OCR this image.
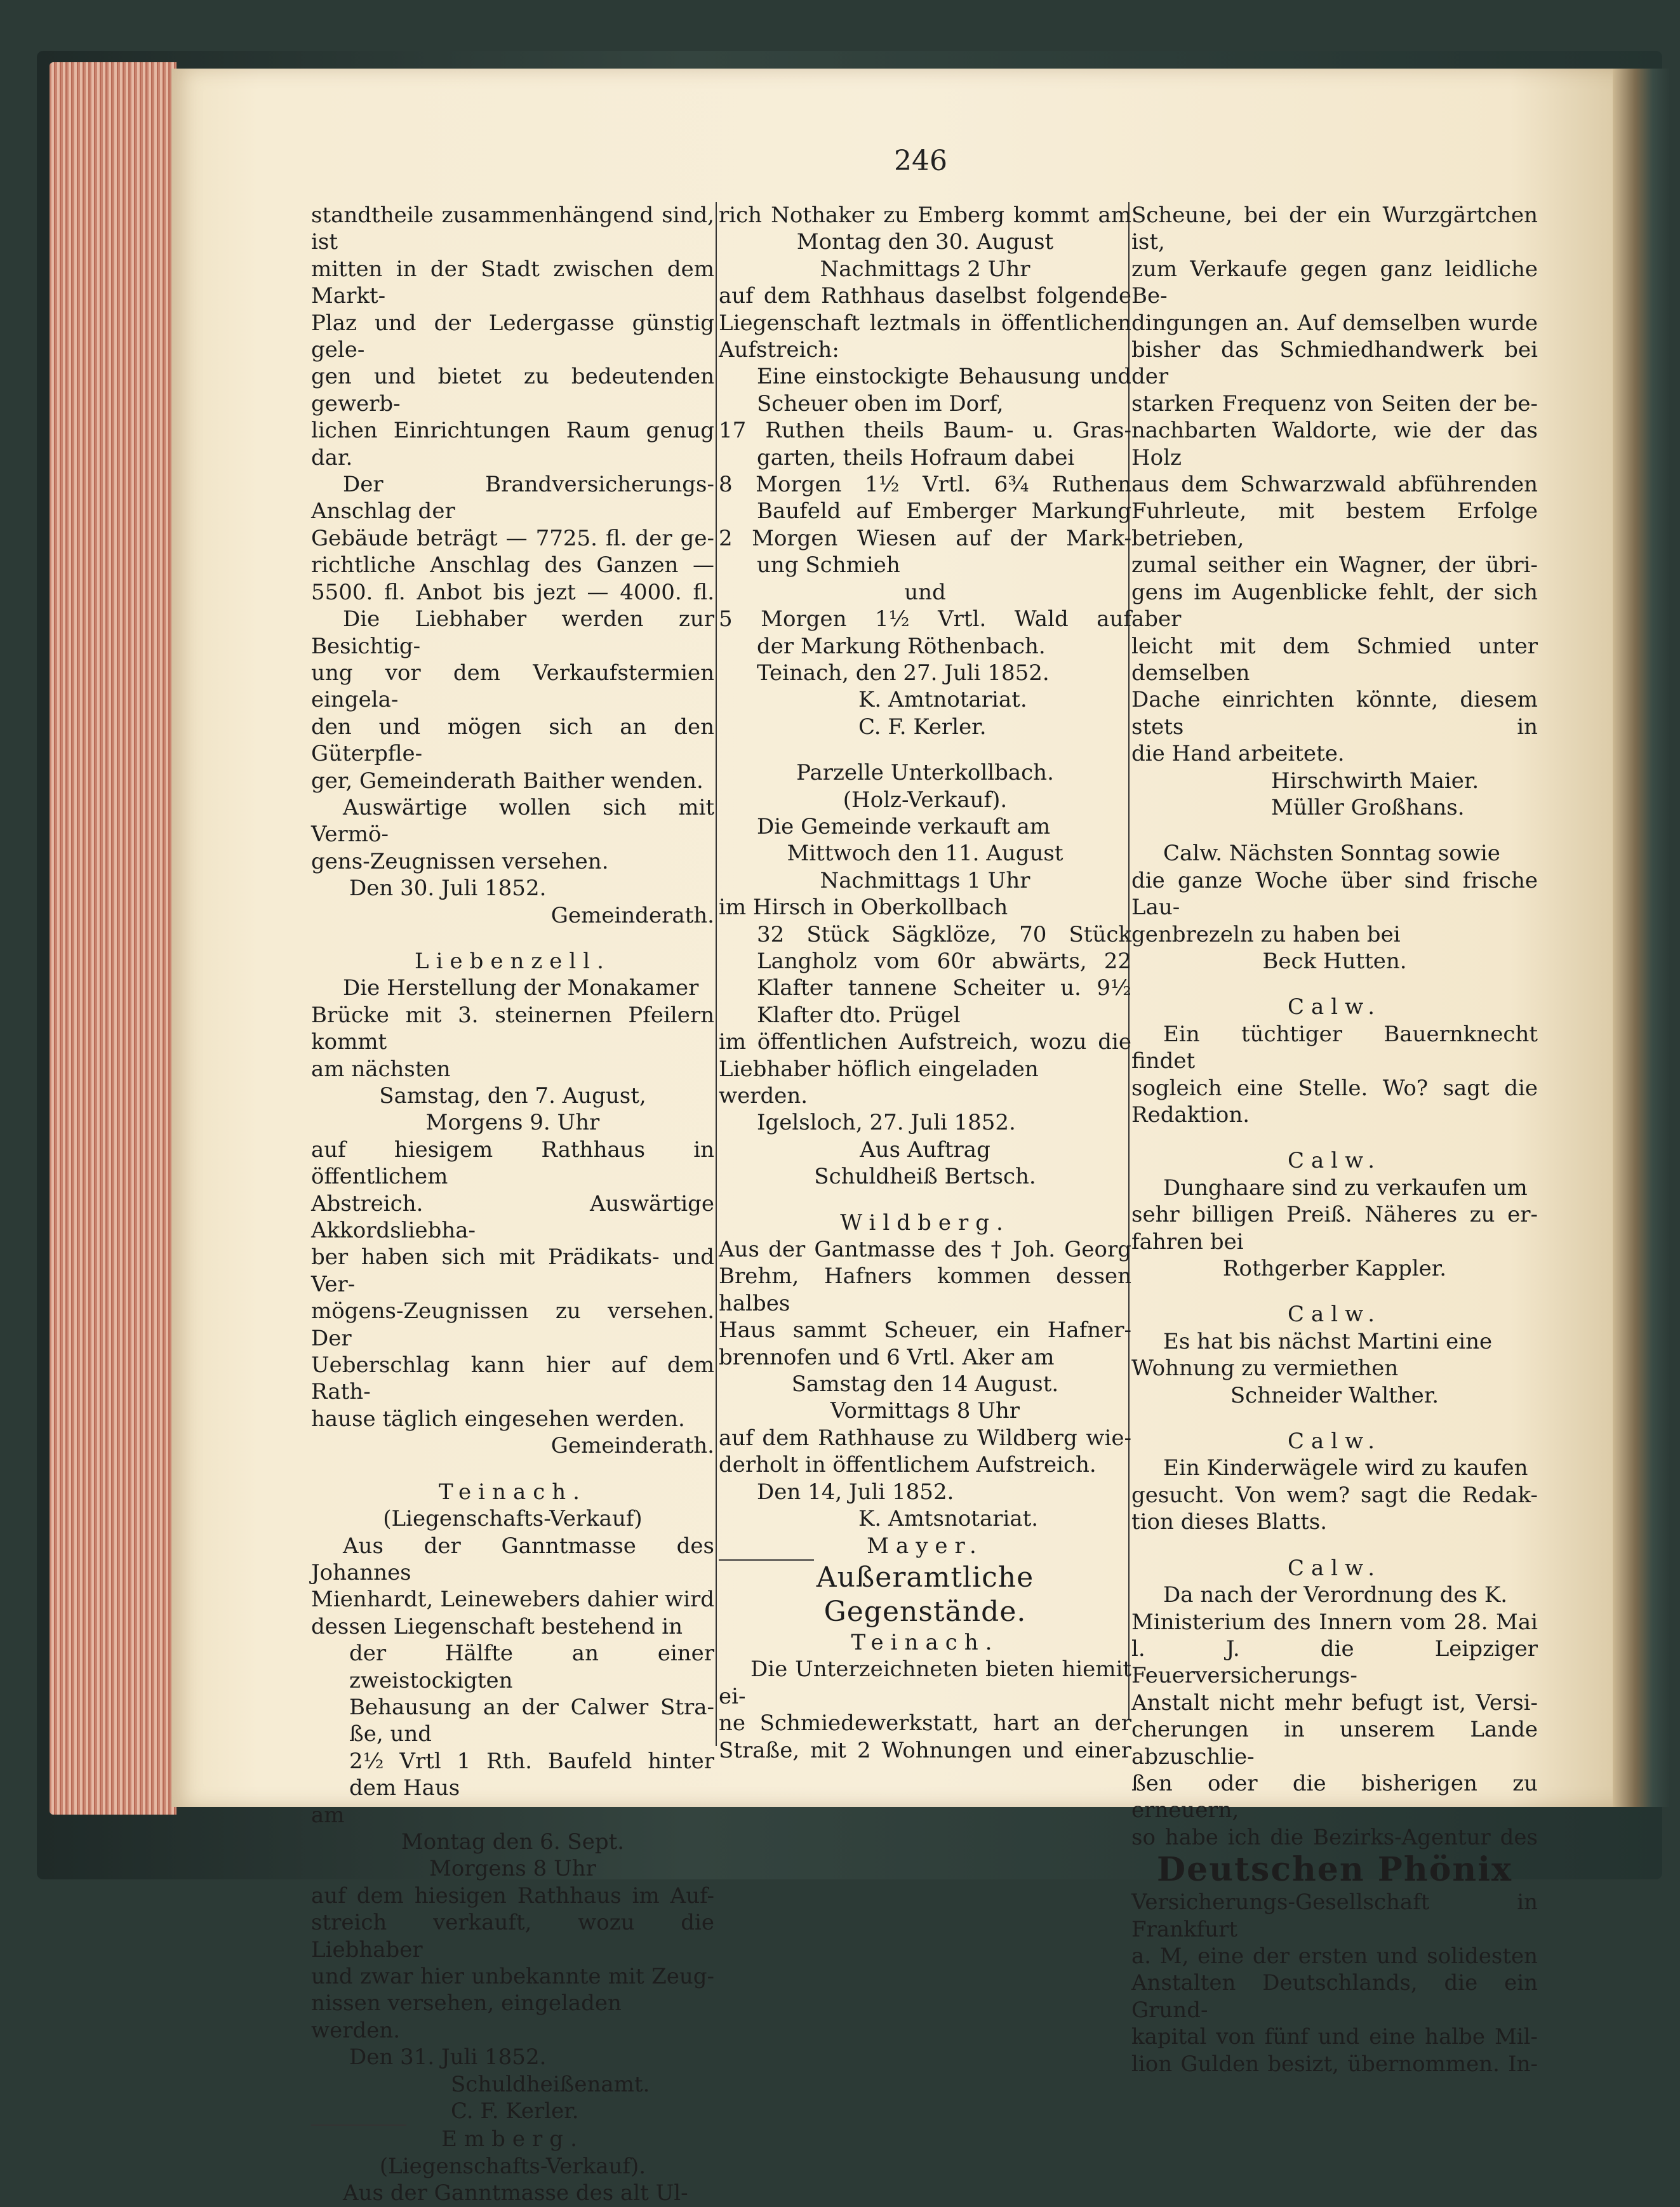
246

standtheile zusammenhängend sind, ist

mitten in der Stadt zwischen dem Markt-

Plaz und der Ledergasse günstig gele-

gen und bietet zu bedeutenden gewerb-

lichen Einrichtungen Raum genug dar.

Der Brandversicherungs-Anschlag der

Gebäude beträgt — 7725. fl. der ge-

richtliche Anschlag des Ganzen —

5500. fl. Anbot bis jezt — 4000. fl.

Die Liebhaber werden zur Besichtig-

ung vor dem Verkaufstermien eingela-

den und mögen sich an den Güterpfle-

ger, Gemeinderath Baither wenden.

Auswärtige wollen sich mit Vermö-

gens-Zeugnissen versehen.

Den 30. Juli 1852.

Gemeinderath.

Liebenzell.

Die Herstellung der Monakamer

Brücke mit 3. steinernen Pfeilern kommt

am nächsten

Samstag, den 7. August,

Morgens 9. Uhr

auf hiesigem Rathhaus in öffentlichem

Abstreich. Auswärtige Akkordsliebha-

ber haben sich mit Prädikats- und Ver-

mögens-Zeugnissen zu versehen. Der

Ueberschlag kann hier auf dem Rath-

hause täglich eingesehen werden.

Gemeinderath.

Teinach.

(Liegenschafts-Verkauf)

Aus der Ganntmasse des Johannes

Mienhardt, Leinewebers dahier wird

dessen Liegenschaft bestehend in

der Hälfte an einer zweistockigten

Behausung an der Calwer Stra-

ße, und

2½ Vrtl 1 Rth. Baufeld hinter

dem Haus

am

Montag den 6. Sept.

Morgens 8 Uhr

auf dem hiesigen Rathhaus im Auf-

streich verkauft, wozu die Liebhaber

und zwar hier unbekannte mit Zeug-

nissen versehen, eingeladen werden.

Den 31. Juli 1852.

Schuldheißenamt.

C. F. Kerler.

Emberg.

(Liegenschafts-Verkauf).

Aus der Ganntmasse des alt Ul-

rich Nothaker zu Emberg kommt am

Montag den 30. August

Nachmittags 2 Uhr

auf dem Rathhaus daselbst folgende

Liegenschaft leztmals in öffentlichen

Aufstreich:

Eine einstockigte Behausung und

Scheuer oben im Dorf,

17 Ruthen theils Baum- u. Gras-

garten, theils Hofraum dabei

8 Morgen 1½ Vrtl. 6¾ Ruthen

Baufeld auf Emberger Markung

2 Morgen Wiesen auf der Mark-

ung Schmieh

und

5 Morgen 1½ Vrtl. Wald auf

der Markung Röthenbach.

Teinach, den 27. Juli 1852.

K. Amtnotariat.

C. F. Kerler.

Parzelle Unterkollbach.

(Holz-Verkauf).

Die Gemeinde verkauft am

Mittwoch den 11. August

Nachmittags 1 Uhr

im Hirsch in Oberkollbach

32 Stück Sägklöze, 70 Stück

Langholz vom 60r abwärts, 22

Klafter tannene Scheiter u. 9½

Klafter dto. Prügel

im öffentlichen Aufstreich, wozu die

Liebhaber höflich eingeladen werden.

Igelsloch, 27. Juli 1852.

Aus Auftrag

Schuldheiß Bertsch.

Wildberg.

Aus der Gantmasse des † Joh. Georg

Brehm, Hafners kommen dessen halbes

Haus sammt Scheuer, ein Hafner-

brennofen und 6 Vrtl. Aker am

Samstag den 14 August.

Vormittags 8 Uhr

auf dem Rathhause zu Wildberg wie-

derholt in öffentlichem Aufstreich.

Den 14, Juli 1852.

K. Amtsnotariat.

Mayer.

Außeramtliche Gegenstände.

Teinach.

Die Unterzeichneten bieten hiemit ei-

ne Schmiedewerkstatt, hart an der

Straße, mit 2 Wohnungen und einer

Scheune, bei der ein Wurzgärtchen ist,

zum Verkaufe gegen ganz leidliche Be-

dingungen an. Auf demselben wurde

bisher das Schmiedhandwerk bei der

starken Frequenz von Seiten der be-

nachbarten Waldorte, wie der das Holz

aus dem Schwarzwald abführenden

Fuhrleute, mit bestem Erfolge betrieben,

zumal seither ein Wagner, der übri-

gens im Augenblicke fehlt, der sich aber

leicht mit dem Schmied unter demselben

Dache einrichten könnte, diesem stets in

die Hand arbeitete.

Hirschwirth Maier.

Müller Großhans.

Calw. Nächsten Sonntag sowie

die ganze Woche über sind frische Lau-

genbrezeln zu haben bei

Beck Hutten.

Calw.

Ein tüchtiger Bauernknecht findet

sogleich eine Stelle. Wo? sagt die

Redaktion.

Calw.

Dunghaare sind zu verkaufen um

sehr billigen Preiß. Näheres zu er-

fahren bei

Rothgerber Kappler.

Calw.

Es hat bis nächst Martini eine

Wohnung zu vermiethen

Schneider Walther.

Calw.

Ein Kinderwägele wird zu kaufen

gesucht. Von wem? sagt die Redak-

tion dieses Blatts.

Calw.

Da nach der Verordnung des K.

Ministerium des Innern vom 28. Mai

l. J. die Leipziger Feuerversicherungs-

Anstalt nicht mehr befugt ist, Versi-

cherungen in unserem Lande abzuschlie-

ßen oder die bisherigen zu erneuern,

so habe ich die Bezirks-Agentur des

Deutschen Phönix

Versicherungs-Gesellschaft in Frankfurt

a. M, eine der ersten und solidesten

Anstalten Deutschlands, die ein Grund-

kapital von fünf und eine halbe Mil-

lion Gulden besizt, übernommen. In-
